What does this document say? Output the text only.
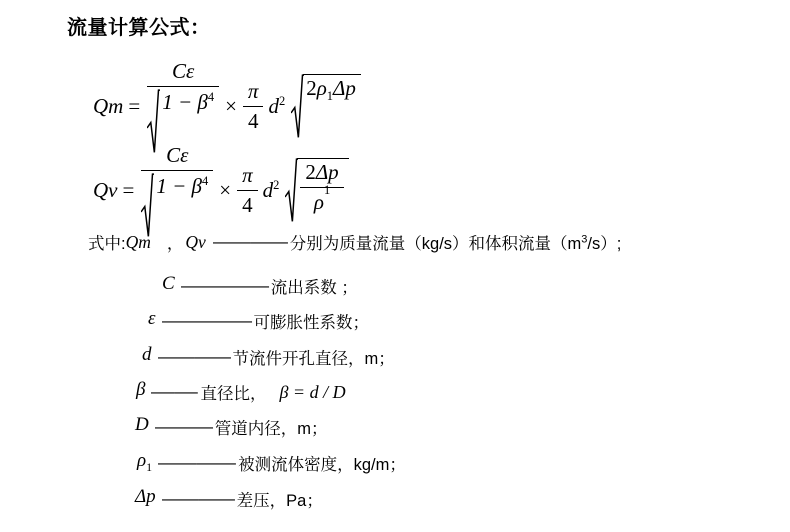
流量计算公式：
$Qm = \frac{C\varepsilon}{1 - \beta^4} \times \frac{\pi}{4} d^2$
$2\rho_1\Delta p$
$Qv = \frac{C\varepsilon}{1 - \beta^4} \times \frac{\pi}{4} d^2 \frac{2\Delta p}{\rho 1}$
式中: Qm ， Qv —— 分别为质量流量（kg/s）和体积流量$(m^3/s)$;
C —— 流出系数 ；
ε —— 可膨胀性系数；
d —— 节流件开孔直径，m；
β —— 直径比， β = d / D
D —— 管道内径，m；
$\rho_1$ —— 被测流体密度，kg/m；
Δp —— 差压，Pa；
